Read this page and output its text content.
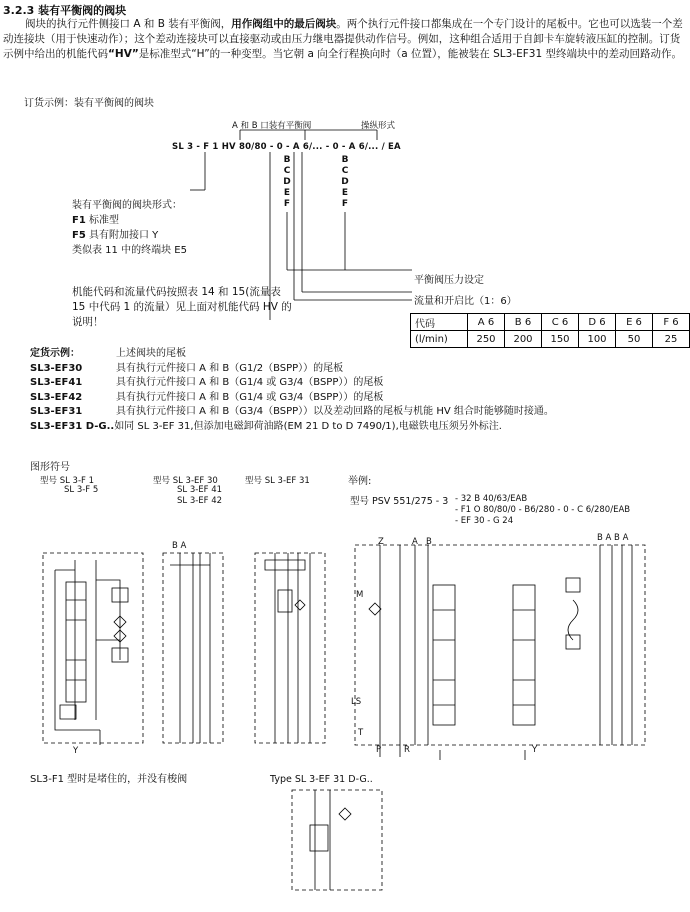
3.2.3 装有平衡阀的阀块
阀块的执行元件侧接口 A 和 B 装有平衡阀，用作阀组中的最后阀块。两个执行元件接口都集成在一个专门设计的尾板中。它也可以选装一个差动连接块（用于快速动作）；这个差动连接块可以直接驱动或由压力继电器提供动作信号。例如，这种组合适用于自卸卡车旋转液压缸的控制。订货示例中给出的机能代码“HV”是标准型式“H”的一种变型。当它朝 a 向全行程换向时（a 位置），能被装在 SL3-EF31 型终端块中的差动回路动作。
订货示例：装有平衡阀的阀块
A 和 B 口装有平衡阀	操纵形式
SL 3 - F 1 HV 80/80 - 0 - A 6/... - 0 - A 6/... / EA
B
C
D
E
F
B
C
D
E
F
装有平衡阀的阀块形式：
F1 标准型
F5 具有附加接口 Y
类似表 11 中的终端块 E5
平衡阀压力设定
流量和开启比（1：6）
机能代码和流量代码按照表 14 和 15(流量表 15 中代码 1 的流量）见上面对机能代码 HV 的说明！	代码	A 6	B 6	C 6	D 6	E 6	F 6
(l/min)	250	200	150	100	50	25
定货示例：	上述阀块的尾板
SL3-EF30	具有执行元件接口 A 和 B（G1/2（BSPP））的尾板
SL3-EF41	具有执行元件接口 A 和 B（G1/4 或 G3/4（BSPP））的尾板
SL3-EF42	具有执行元件接口 A 和 B（G1/4 或 G3/4（BSPP））的尾板
SL3-EF31	具有执行元件接口 A 和 B（G3/4（BSPP））以及差动回路的尾板与机能 HV 组合时能够随时接通。
SL3-EF31 D-G.. 如同 SL 3-EF 31,但添加电磁卸荷油路(EM 21 D to D 7490/1),电磁铁电压须另外标注.
图形符号
型号 SL 3-F 1
SL 3-F 5
型号 SL 3-EF 30
SL 3-EF 41
SL 3-EF 42
型号 SL 3-EF 31	举例:
型号 PSV 551/275 - 3 - 32 B 40/63/EAB
- F1 O 80/80/0 - B6/280 - 0 - C 6/280/EAB
- EF 30 - G 24
Y
B A
B A B A
Z	A B
M
LS
T
P	R	Y
SL3-F1 型时是堵住的，并没有梭阀	Type SL 3-EF 31 D-G..
